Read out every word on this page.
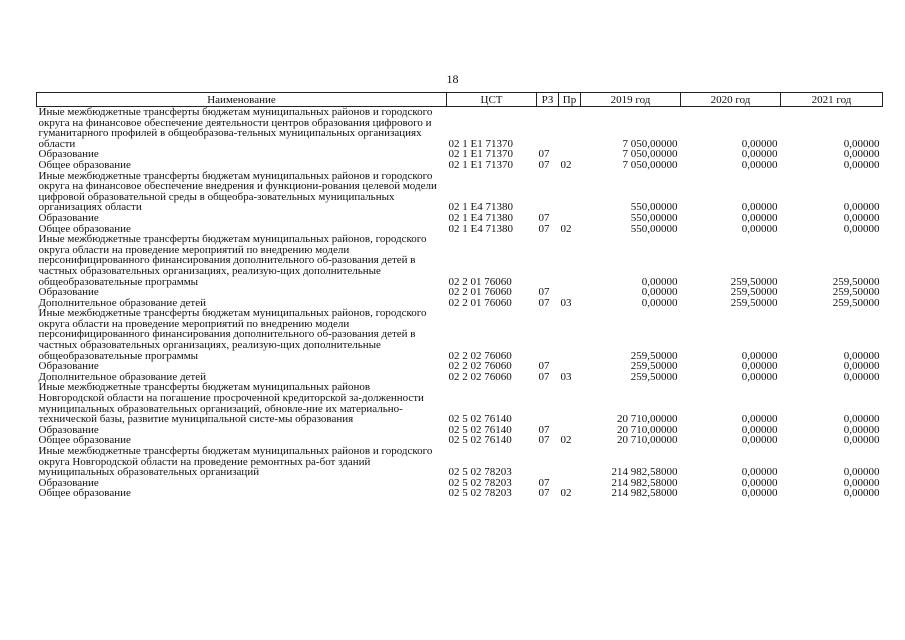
18
Наименование	ЦСТ	РЗ	Пр	2019 год	2020 год	2021 год
Иные межбюджетные трансферты бюджетам муниципальных районов и городского округа на финансовое обеспечение деятельности центров образования цифрового и гуманитарного профилей в общеобразова-тельных муниципальных организациях области	02 1 E1 71370			7 050,00000	0,00000	0,00000
Образование	02 1 E1 71370	07		7 050,00000	0,00000	0,00000
Общее образование	02 1 E1 71370	07	02	7 050,00000	0,00000	0,00000
Иные межбюджетные трансферты бюджетам муниципальных районов и городского округа на финансовое обеспечение внедрения и функциони-рования целевой модели цифровой образовательной среды в общеобра-зовательных муниципальных организациях области	02 1 E4 71380			550,00000	0,00000	0,00000
Образование	02 1 E4 71380	07		550,00000	0,00000	0,00000
Общее образование	02 1 E4 71380	07	02	550,00000	0,00000	0,00000
Иные межбюджетные трансферты бюджетам муниципальных районов, городского округа области на проведение мероприятий по внедрению модели персонифицированного финансирования дополнительного об-разования детей в частных образовательных организациях, реализую-щих дополнительные общеобразовательные программы	02 2 01 76060			0,00000	259,50000	259,50000
Образование	02 2 01 76060	07		0,00000	259,50000	259,50000
Дополнительное образование детей	02 2 01 76060	07	03	0,00000	259,50000	259,50000
Иные межбюджетные трансферты бюджетам муниципальных районов, городского округа области на проведение мероприятий по внедрению модели персонифицированного финансирования дополнительного об-разования детей в частных образовательных организациях, реализую-щих дополнительные общеобразовательные программы	02 2 02 76060			259,50000	0,00000	0,00000
Образование	02 2 02 76060	07		259,50000	0,00000	0,00000
Дополнительное образование детей	02 2 02 76060	07	03	259,50000	0,00000	0,00000
Иные межбюджетные трансферты бюджетам муниципальных районов Новгородской области на погашение просроченной кредиторской за-долженности муниципальных образовательных организаций, обновле-ние их материально-технической базы, развитие муниципальной систе-мы образования	02 5 02 76140			20 710,00000	0,00000	0,00000
Образование	02 5 02 76140	07		20 710,00000	0,00000	0,00000
Общее образование	02 5 02 76140	07	02	20 710,00000	0,00000	0,00000
Иные межбюджетные трансферты бюджетам муниципальных районов и городского округа Новгородской области на проведение ремонтных ра-бот зданий муниципальных образовательных организаций	02 5 02 78203			214 982,58000	0,00000	0,00000
Образование	02 5 02 78203	07		214 982,58000	0,00000	0,00000
Общее образование	02 5 02 78203	07	02	214 982,58000	0,00000	0,00000
